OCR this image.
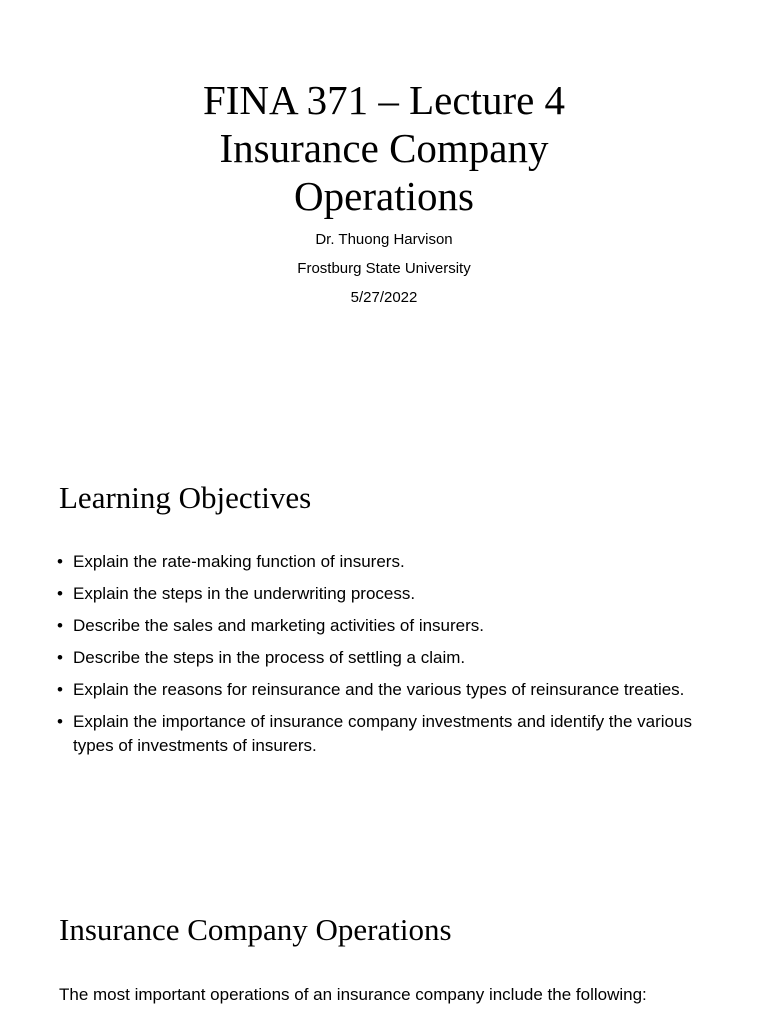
FINA 371 – Lecture 4
Insurance Company
Operations
Dr. Thuong Harvison
Frostburg State University
5/27/2022
Learning Objectives
• Explain the rate-making function of insurers.
• Explain the steps in the underwriting process.
• Describe the sales and marketing activities of insurers.
• Describe the steps in the process of settling a claim.
• Explain the reasons for reinsurance and the various types of reinsurance treaties.
• Explain the importance of insurance company investments and identify the various types of investments of insurers.
Insurance Company Operations
The most important operations of an insurance company include the following:
